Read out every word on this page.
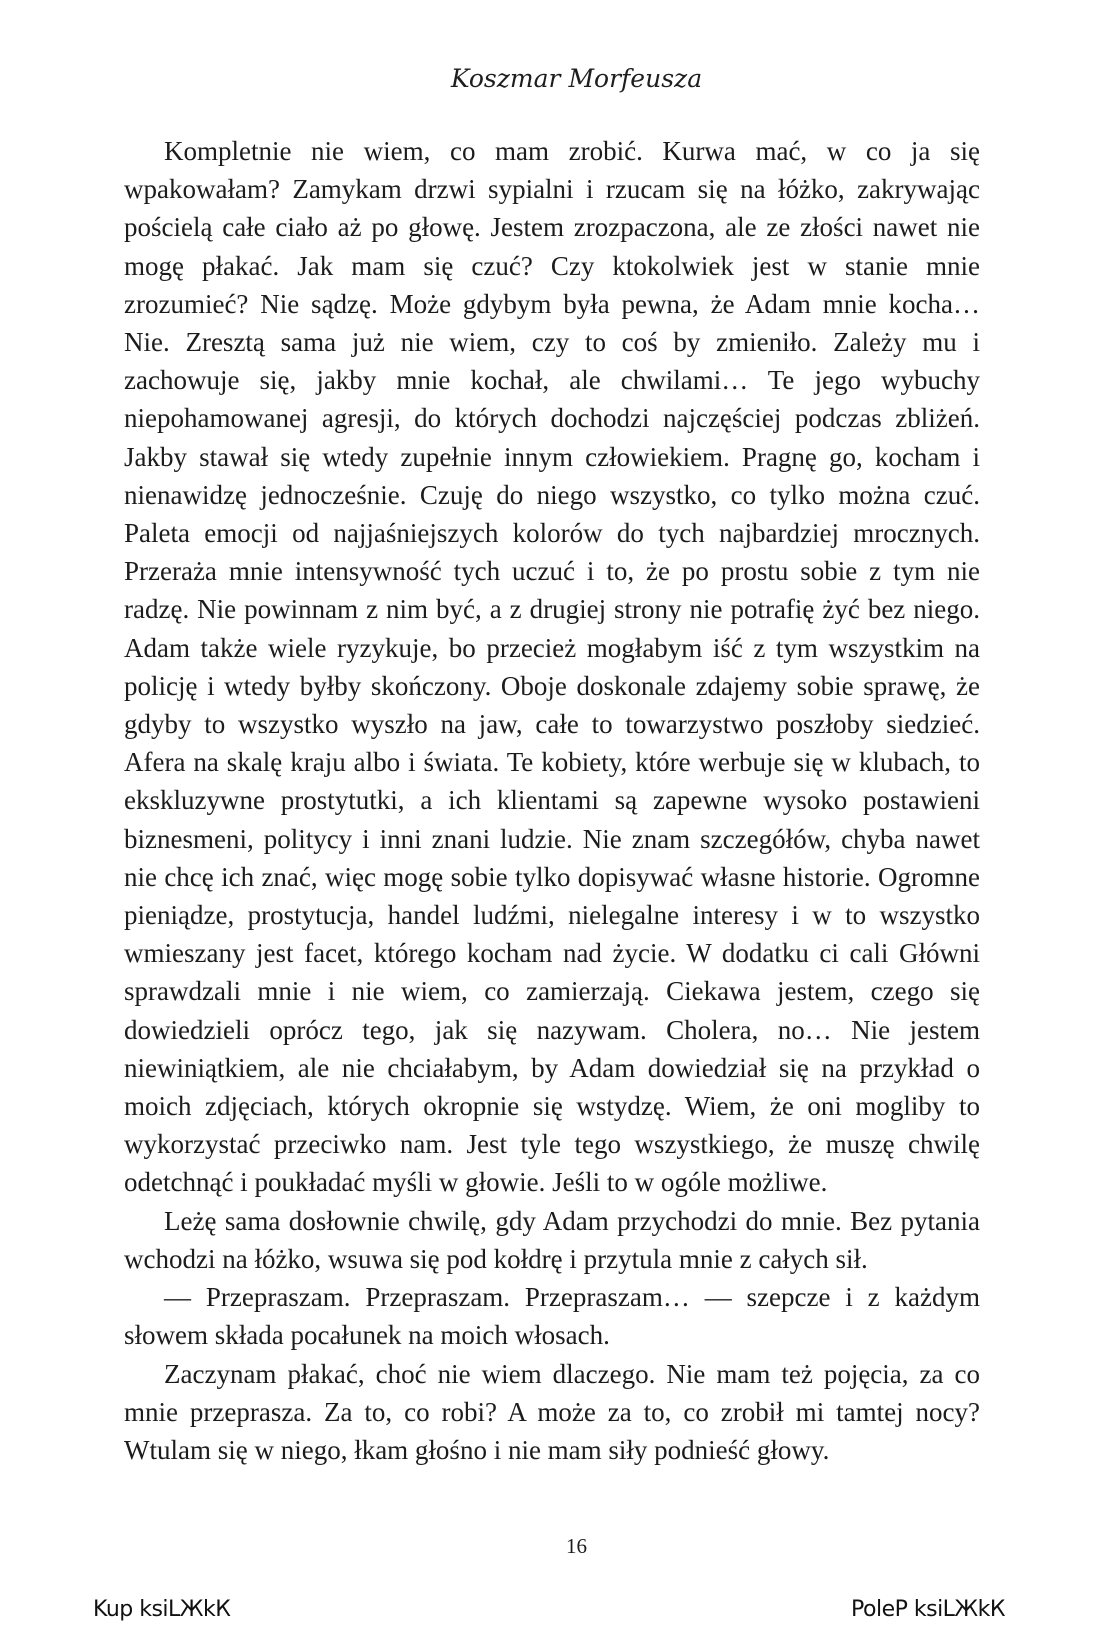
Koszmar Morfeusza

Kompletnie nie wiem, co mam zrobić. Kurwa mać, w co ja się wpakowałam? Zamykam drzwi sypialni i rzucam się na łóżko, zakrywając pościelą całe ciało aż po głowę. Jestem zrozpaczona, ale ze złości nawet nie mogę płakać. Jak mam się czuć? Czy ktokolwiek jest w stanie mnie zrozumieć? Nie sądzę. Może gdybym była pewna, że Adam mnie kocha… Nie. Zresztą sama już nie wiem, czy to coś by zmieniło. Zależy mu i zachowuje się, jakby mnie kochał, ale chwilami… Te jego wybuchy niepohamowanej agresji, do których dochodzi najczęściej podczas zbliżeń. Jakby stawał się wtedy zupełnie innym człowiekiem. Pragnę go, kocham i nienawidzę jednocześnie. Czuję do niego wszystko, co tylko można czuć. Paleta emocji od najjaśniejszych kolorów do tych najbardziej mrocznych. Przeraża mnie intensywność tych uczuć i to, że po prostu sobie z tym nie radzę. Nie powinnam z nim być, a z drugiej strony nie potrafię żyć bez niego. Adam także wiele ryzykuje, bo przecież mogłabym iść z tym wszystkim na policję i wtedy byłby skończony. Oboje doskonale zdajemy sobie sprawę, że gdyby to wszystko wyszło na jaw, całe to towarzystwo poszłoby siedzieć. Afera na skalę kraju albo i świata. Te kobiety, które werbuje się w klubach, to ekskluzywne prostytutki, a ich klientami są zapewne wysoko postawieni biznesmeni, politycy i inni znani ludzie. Nie znam szczegółów, chyba nawet nie chcę ich znać, więc mogę sobie tylko dopisywać własne historie. Ogromne pieniądze, prostytucja, handel ludźmi, nielegalne interesy i w to wszystko wmieszany jest facet, którego kocham nad życie. W dodatku ci cali Główni sprawdzali mnie i nie wiem, co zamierzają. Ciekawa jestem, czego się dowiedzieli oprócz tego, jak się nazywam. Cholera, no… Nie jestem niewiniątkiem, ale nie chciałabym, by Adam dowiedział się na przykład o moich zdjęciach, których okropnie się wstydzę. Wiem, że oni mogliby to wykorzystać przeciwko nam. Jest tyle tego wszystkiego, że muszę chwilę odetchnąć i poukładać myśli w głowie. Jeśli to w ogóle możliwe.

Leżę sama dosłownie chwilę, gdy Adam przychodzi do mnie. Bez pytania wchodzi na łóżko, wsuwa się pod kołdrę i przytula mnie z całych sił.

— Przepraszam. Przepraszam. Przepraszam… — szepcze i z każdym słowem składa pocałunek na moich włosach.

Zaczynam płakać, choć nie wiem dlaczego. Nie mam też pojęcia, za co mnie przeprasza. Za to, co robi? A może za to, co zrobił mi tamtej nocy? Wtulam się w niego, łkam głośno i nie mam siły podnieść głowy.

16
Kup ksiLЖkК	PoleР ksiLЖkК
